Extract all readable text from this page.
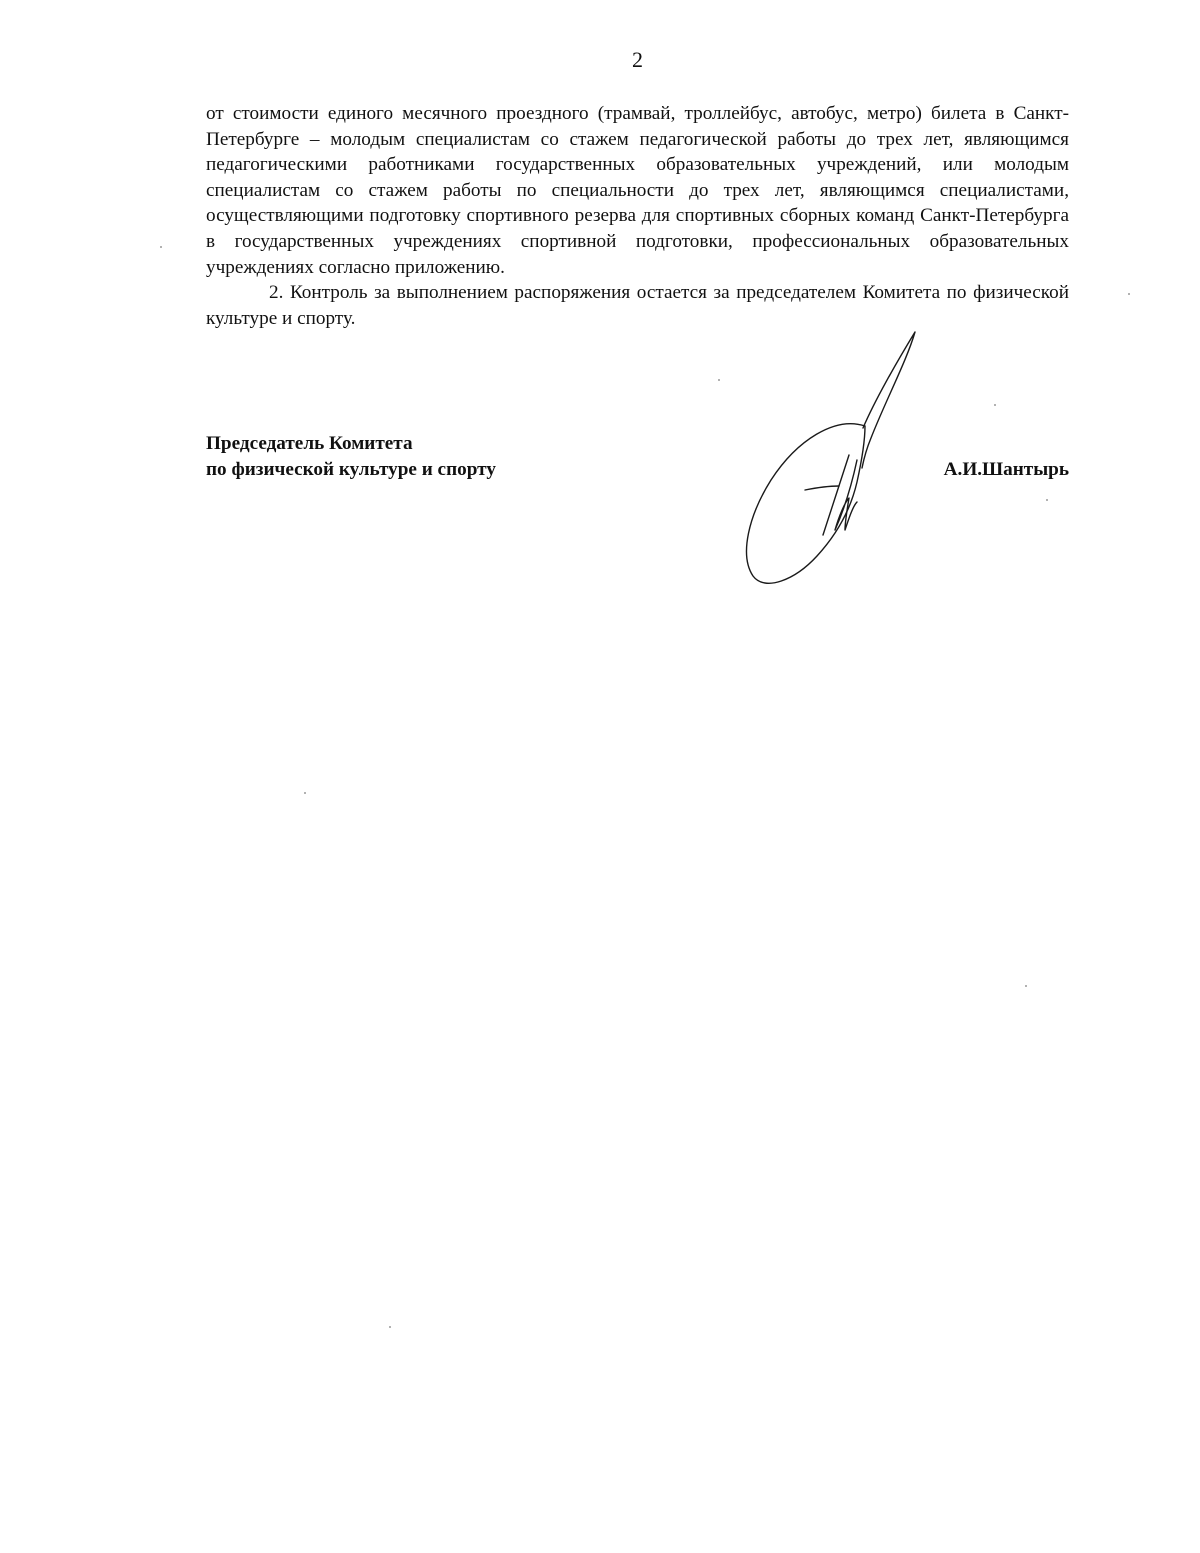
2

от стоимости единого месячного проездного (трамвай, троллейбус, автобус, метро) билета в Санкт-Петербурге – молодым специалистам со стажем педагогической работы до трех лет, являющимся педагогическими работниками государственных образовательных учреждений, или молодым специалистам со стажем работы по специальности до трех лет, являющимся специалистами, осуществляющими подготовку спортивного резерва для спортивных сборных команд Санкт-Петербурга в государственных учреждениях спортивной подготовки, профессиональных образовательных учреждениях согласно приложению.

2. Контроль за выполнением распоряжения остается за председателем Комитета по физической культуре и спорту.

Председатель Комитета
по физической культуре и спорту	А.И.Шантырь
